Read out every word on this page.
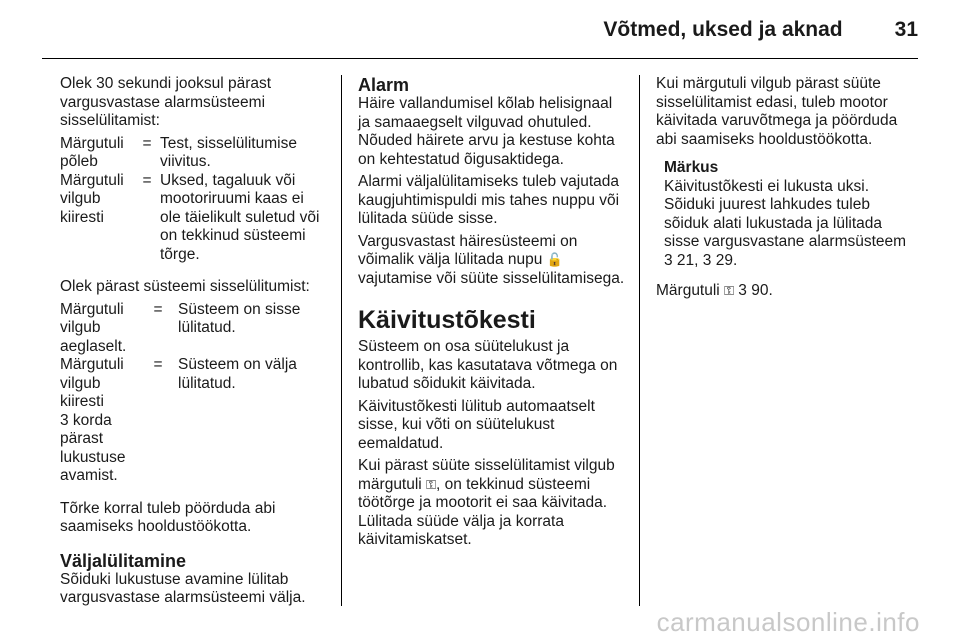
Võtmed, uksed ja aknad 31

Olek 30 sekundi jooksul pärast vargusvastase alarmsüsteemi sisselülitamist:

Märgutuli
põleb
= Test, sisselülitumise viivitus.
Märgutuli
vilgub
kiiresti
= Uksed, tagaluuk või mootoriruumi kaas ei ole täielikult suletud või on tekkinud süsteemi tõrge.

Olek pärast süsteemi sisselülitumist:

Märgutuli
vilgub
aeglaselt.
= Süsteem on sisse lülitatud.
Märgutuli
vilgub
kiiresti
3 korda
pärast
lukustuse
avamist.
= Süsteem on välja lülitatud.

Tõrke korral tuleb pöörduda abi saamiseks hooldustöökotta.

Väljalülitamine

Sõiduki lukustuse avamine lülitab vargusvastase alarmsüsteemi välja.

Alarm

Häire vallandumisel kõlab helisignaal ja samaaegselt vilguvad ohutuled. Nõuded häirete arvu ja kestuse kohta on kehtestatud õigusaktidega.

Alarmi väljalülitamiseks tuleb vajutada kaugjuhtimispuldi mis tahes nuppu või lülitada süüde sisse.

Vargusvastast häiresüsteemi on võimalik välja lülitada nupu 🔓 vajutamise või süüte sisselülitamisega.

Käivitustõkesti

Süsteem on osa süütelukust ja kontrollib, kas kasutatava võtmega on lubatud sõidukit käivitada.

Käivitustõkesti lülitub automaatselt sisse, kui võti on süütelukust eemaldatud.

Kui pärast süüte sisselülitamist vilgub märgutuli ⚿, on tekkinud süsteemi töötõrge ja mootorit ei saa käivitada. Lülitada süüde välja ja korrata käivitamiskatset.

Kui märgutuli vilgub pärast süüte sisselülitamist edasi, tuleb mootor käivitada varuvõtmega ja pöörduda abi saamiseks hooldustöökotta.

Märkus
Käivitustõkesti ei lukusta uksi. Sõiduki juurest lahkudes tuleb sõiduk alati lukustada ja lülitada sisse vargusvastane alarmsüsteem 3 21, 3 29.

Märgutuli ⚿ 3 90.

carmanualsonline.info
